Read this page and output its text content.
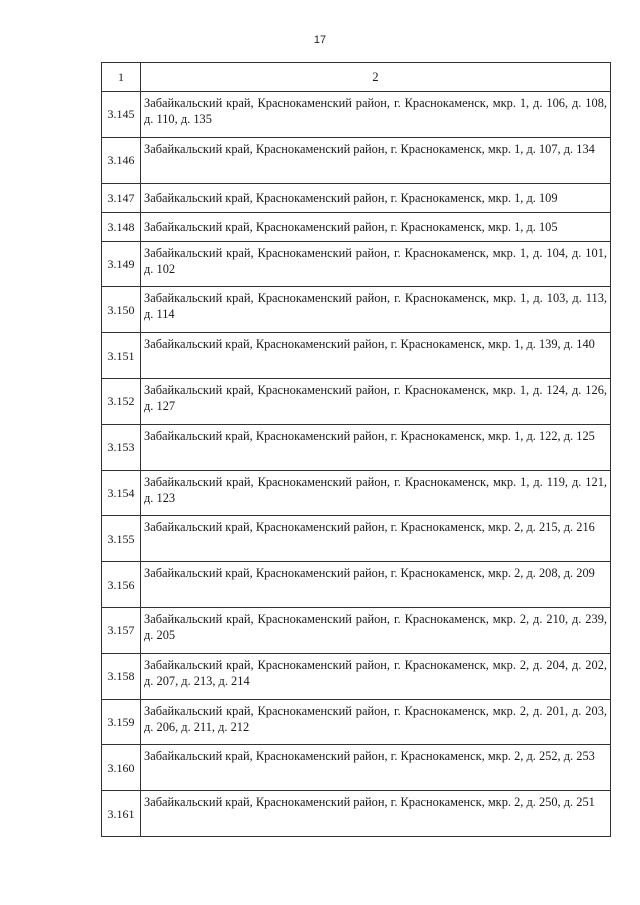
17
1	2
3.145	Забайкальский край, Краснокаменский район, г. Краснокаменск, мкр. 1, д. 106, д. 108, д. 110, д. 135
3.146	Забайкальский край, Краснокаменский район, г. Краснокаменск, мкр. 1, д. 107, д. 134
3.147	Забайкальский край, Краснокаменский район, г. Краснокаменск, мкр. 1, д. 109
3.148	Забайкальский край, Краснокаменский район, г. Краснокаменск, мкр. 1, д. 105
3.149	Забайкальский край, Краснокаменский район, г. Краснокаменск, мкр. 1, д. 104, д. 101, д. 102
3.150	Забайкальский край, Краснокаменский район, г. Краснокаменск, мкр. 1, д. 103, д. 113, д. 114
3.151	Забайкальский край, Краснокаменский район, г. Краснокаменск, мкр. 1, д. 139, д. 140
3.152	Забайкальский край, Краснокаменский район, г. Краснокаменск, мкр. 1, д. 124, д. 126, д. 127
3.153	Забайкальский край, Краснокаменский район, г. Краснокаменск, мкр. 1, д. 122, д. 125
3.154	Забайкальский край, Краснокаменский район, г. Краснокаменск, мкр. 1, д. 119, д. 121, д. 123
3.155	Забайкальский край, Краснокаменский район, г. Краснокаменск, мкр. 2, д. 215, д. 216
3.156	Забайкальский край, Краснокаменский район, г. Краснокаменск, мкр. 2, д. 208, д. 209
3.157	Забайкальский край, Краснокаменский район, г. Краснокаменск, мкр. 2, д. 210, д. 239, д. 205
3.158	Забайкальский край, Краснокаменский район, г. Краснокаменск, мкр. 2, д. 204, д. 202, д. 207, д. 213, д. 214
3.159	Забайкальский край, Краснокаменский район, г. Краснокаменск, мкр. 2, д. 201, д. 203, д. 206, д. 211, д. 212
3.160	Забайкальский край, Краснокаменский район, г. Краснокаменск, мкр. 2, д. 252, д. 253
3.161	Забайкальский край, Краснокаменский район, г. Краснокаменск, мкр. 2, д. 250, д. 251
